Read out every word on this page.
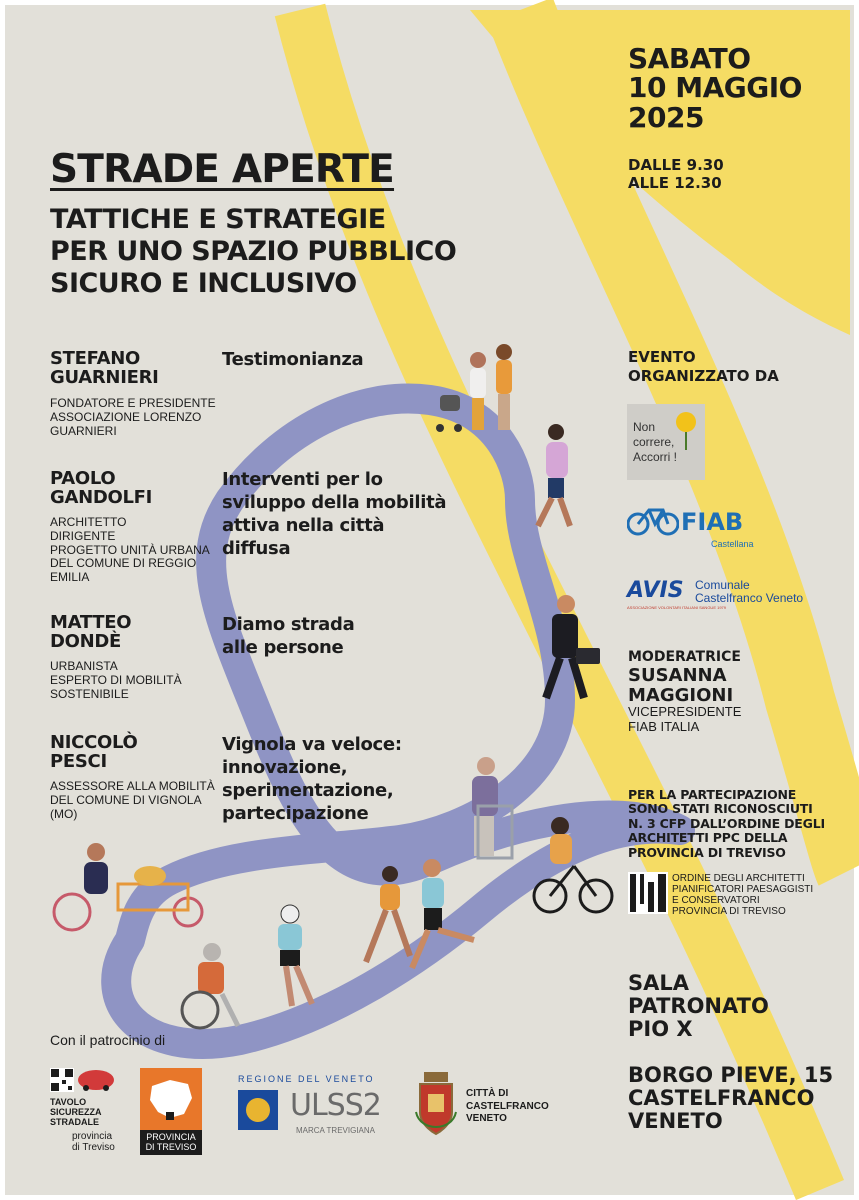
SABATO
10 MAGGIO
2025
DALLE 9.30
ALLE 12.30
STRADE APERTE
TATTICHE E STRATEGIE
PER UNO SPAZIO PUBBLICO
SICURO E INCLUSIVO
STEFANO
GUARNIERI
FONDATORE E PRESIDENTE
ASSOCIAZIONE LORENZO
GUARNIERI
Testimonianza
PAOLO
GANDOLFI
ARCHITETTO
DIRIGENTE
PROGETTO UNITÀ URBANA
DEL COMUNE DI REGGIO
EMILIA
Interventi per lo
sviluppo della mobilità
attiva nella città
diffusa
MATTEO
DONDÈ
URBANISTA
ESPERTO DI MOBILITÀ
SOSTENIBILE
Diamo strada
alle persone
NICCOLÒ
PESCI
ASSESSORE ALLA MOBILITÀ
DEL COMUNE DI VIGNOLA
(MO)
Vignola va veloce:
innovazione,
sperimentazione,
partecipazione
EVENTO
ORGANIZZATO DA
Non
correre,
Accorri !
FIAB
Castellana
AVIS Comunale
Castelfranco Veneto
ASSOCIAZIONE VOLONTARI ITALIANI SANGUE 1979
MODERATRICE
SUSANNA
MAGGIONI
VICEPRESIDENTE
FIAB ITALIA
PER LA PARTECIPAZIONE
SONO STATI RICONOSCIUTI
N. 3 CFP DALL’ORDINE DEGLI
ARCHITETTI PPC DELLA
PROVINCIA DI TREVISO
ORDINE DEGLI ARCHITETTI
PIANIFICATORI PAESAGGISTI
E CONSERVATORI
PROVINCIA DI TREVISO
SALA
PATRONATO
PIO X
BORGO PIEVE, 15
CASTELFRANCO
VENETO
Con il patrocinio di
TAVOLO
SICUREZZA
STRADALE
provincia
di Treviso
PROVINCIA
DI TREVISO
REGIONE DEL VENETO
ULSS2
MARCA TREVIGIANA
CITTÀ DI
CASTELFRANCO
VENETO
